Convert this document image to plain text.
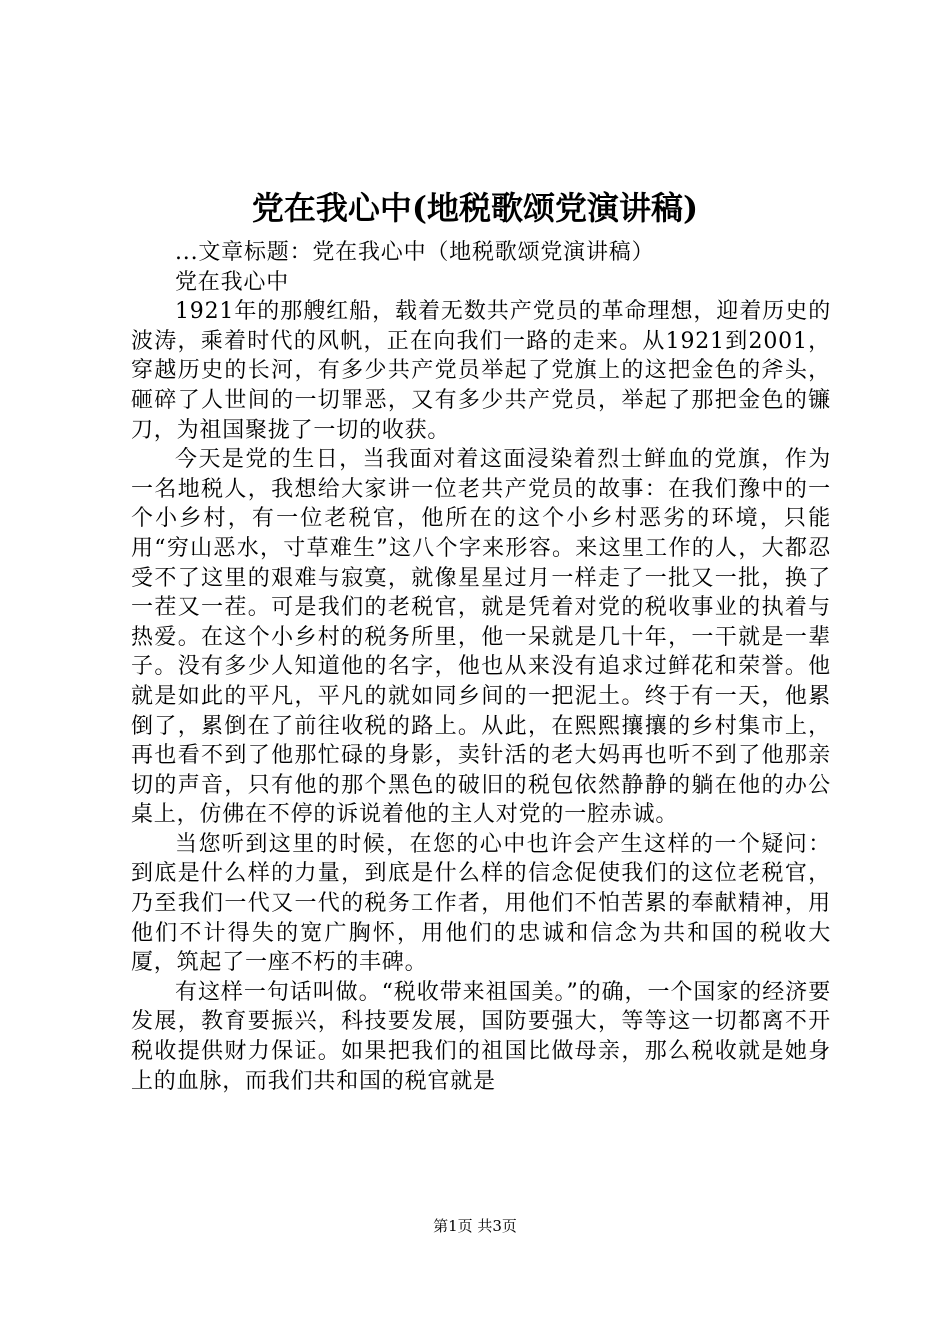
党在我心中(地税歌颂党演讲稿)
...文章标题：党在我心中（地税歌颂党演讲稿）
党在我心中

1921年的那艘红船，载着无数共产党员的革命理想，迎着历史的波涛，乘着时代的风帆，正在向我们一路的走来。从1921到2001，穿越历史的长河，有多少共产党员举起了党旗上的这把金色的斧头，砸碎了人世间的一切罪恶，又有多少共产党员，举起了那把金色的镰刀，为祖国聚拢了一切的收获。

今天是党的生日，当我面对着这面浸染着烈士鲜血的党旗，作为一名地税人，我想给大家讲一位老共产党员的故事：在我们豫中的一个小乡村，有一位老税官，他所在的这个小乡村恶劣的环境，只能用“穷山恶水，寸草难生”这八个字来形容。来这里工作的人，大都忍受不了这里的艰难与寂寞，就像星星过月一样走了一批又一批，换了一茬又一茬。可是我们的老税官，就是凭着对党的税收事业的执着与热爱。在这个小乡村的税务所里，他一呆就是几十年，一干就是一辈子。没有多少人知道他的名字，他也从来没有追求过鲜花和荣誉。他就是如此的平凡，平凡的就如同乡间的一把泥土。终于有一天，他累倒了，累倒在了前往收税的路上。从此，在熙熙攘攘的乡村集市上，再也看不到了他那忙碌的身影，卖针活的老大妈再也听不到了他那亲切的声音，只有他的那个黑色的破旧的税包依然静静的躺在他的办公桌上，仿佛在不停的诉说着他的主人对党的一腔赤诚。

当您听到这里的时候，在您的心中也许会产生这样的一个疑问：到底是什么样的力量，到底是什么样的信念促使我们的这位老税官，乃至我们一代又一代的税务工作者，用他们不怕苦累的奉献精神，用他们不计得失的宽广胸怀，用他们的忠诚和信念为共和国的税收大厦，筑起了一座不朽的丰碑。

有这样一句话叫做。“税收带来祖国美。”的确，一个国家的经济要发展，教育要振兴，科技要发展，国防要强大，等等这一切都离不开税收提供财力保证。如果把我们的祖国比做母亲，那么税收就是她身上的血脉，而我们共和国的税官就是

第1页 共3页
